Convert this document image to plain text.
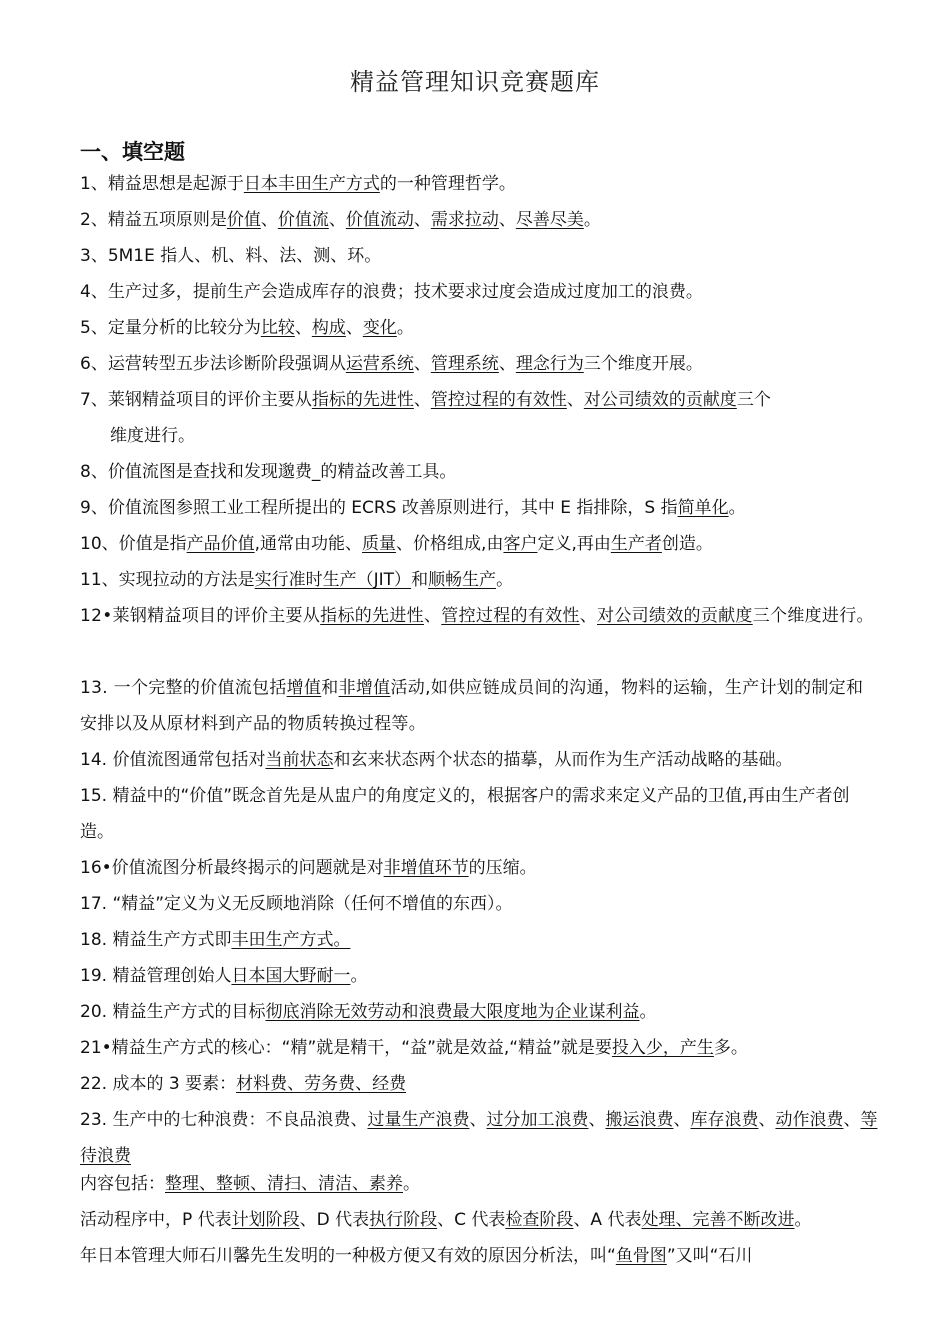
精益管理知识竞赛题库
一、填空题
1、精益思想是起源于日本丰田生产方式的一种管理哲学。
2、精益五项原则是价值、价值流、价值流动、需求拉动、尽善尽美。
3、5M1E 指人、机、料、法、测、环。
4、生产过多，提前生产会造成库存的浪费；技术要求过度会造成过度加工的浪费。
5、定量分析的比较分为比较、构成、变化。
6、运营转型五步法诊断阶段强调从运营系统、管理系统、理念行为三个维度开展。
7、莱钢精益项目的评价主要从指标的先进性、管控过程的有效性、对公司绩效的贡献度三个
维度进行。
8、价值流图是查找和发现邈费_的精益改善工具。
9、价值流图参照工业工程所提出的 ECRS 改善原则进行，其中 E 指排除，S 指简单化。
10、价值是指产品价值,通常由功能、质量、价格组成,由客户定义,再由生产者创造。
11、实现拉动的方法是实行准时生产（JIT）和顺畅生产。
12•莱钢精益项目的评价主要从指标的先进性、管控过程的有效性、对公司绩效的贡献度三个维度进行。
13. 一个完整的价值流包括增值和非增值活动,如供应链成员间的沟通，物料的运输，生产计划的制定和安排以及从原材料到产品的物质转换过程等。
14. 价值流图通常包括对当前状态和玄来状态两个状态的描摹，从而作为生产活动战略的基础。
15. 精益中的“价值”既念首先是从盅户的角度定义的，根据客户的需求来定义产品的卫值,再由生产者创造。
16•价值流图分析最终揭示的问题就是对非增值环节的压缩。
17. “精益”定义为义无反顾地消除（任何不增值的东西）。
18. 精益生产方式即丰田生产方式。
19. 精益管理创始人日本国大野耐一。
20. 精益生产方式的目标彻底消除无效劳动和浪费最大限度地为企业谋利益。
21•精益生产方式的核心：“精”就是精干，“益”就是效益,“精益”就是要投入少，产生多。
22. 成本的 3 要素：材料费、劳务费、经费
23. 生产中的七种浪费：不良品浪费、过量生产浪费、过分加工浪费、搬运浪费、库存浪费、动作浪费、等待浪费
内容包括：整理、整顿、清扫、清洁、素养。
活动程序中，P 代表计划阶段、D 代表执行阶段、C 代表检查阶段、A 代表处理、完善不断改进。
年日本管理大师石川馨先生发明的一种极方便又有效的原因分析法，叫“鱼骨图”又叫“石川
